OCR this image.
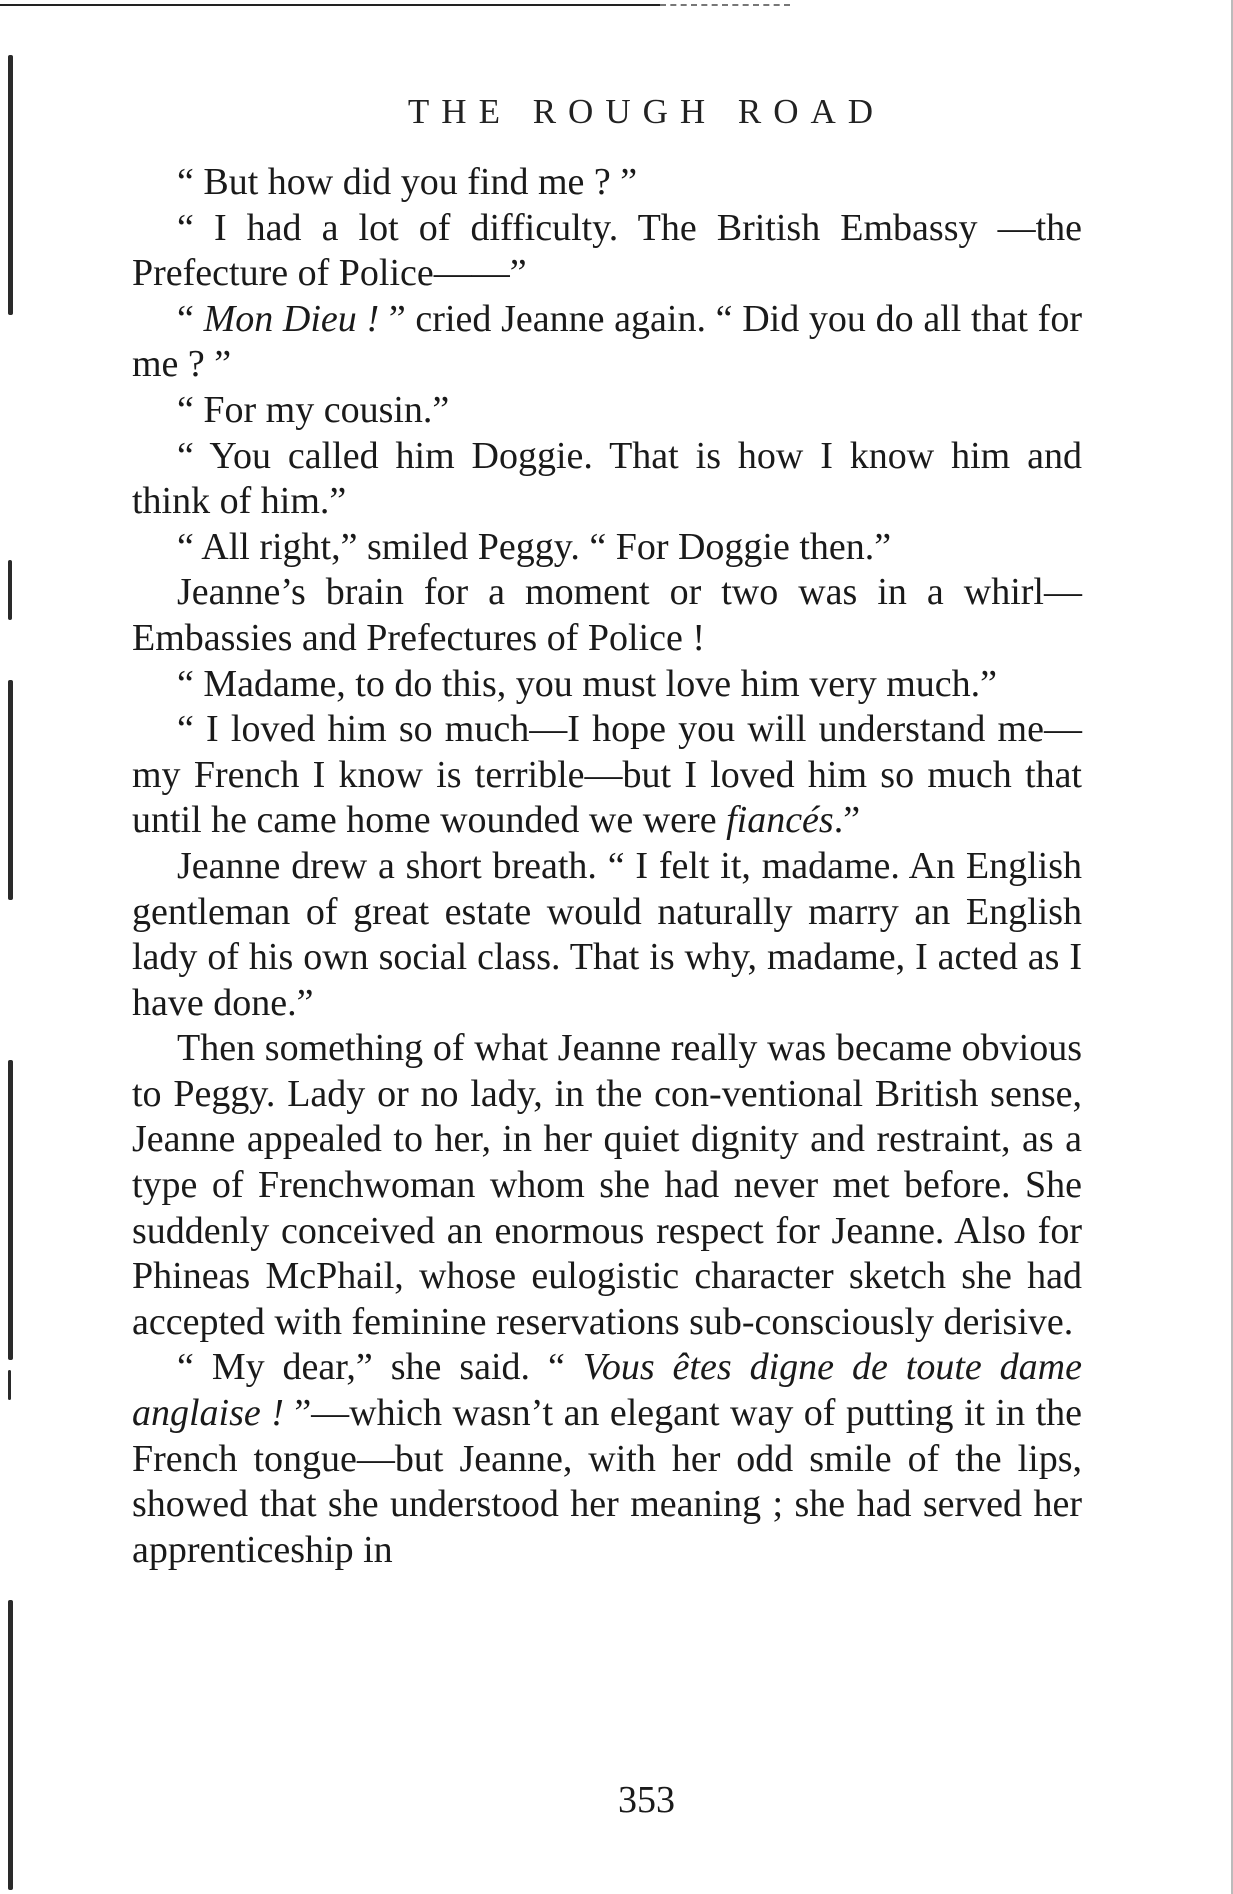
THE ROUGH ROAD

“ But how did you find me ? ”

“ I had a lot of difficulty. The British Embassy —the Prefecture of Police——”

“ Mon Dieu ! ” cried Jeanne again. “ Did you do all that for me ? ”

“ For my cousin.”

“ You called him Doggie. That is how I know him and think of him.”

“ All right,” smiled Peggy. “ For Doggie then.”

Jeanne’s brain for a moment or two was in a whirl— Embassies and Prefectures of Police !

“ Madame, to do this, you must love him very much.”

“ I loved him so much—I hope you will understand me—my French I know is terrible—but I loved him so much that until he came home wounded we were fiancés.”

Jeanne drew a short breath. “ I felt it, madame. An English gentleman of great estate would naturally marry an English lady of his own social class. That is why, madame, I acted as I have done.”

Then something of what Jeanne really was became obvious to Peggy. Lady or no lady, in the con-ventional British sense, Jeanne appealed to her, in her quiet dignity and restraint, as a type of Frenchwoman whom she had never met before. She suddenly conceived an enormous respect for Jeanne. Also for Phineas McPhail, whose eulogistic character sketch she had accepted with feminine reservations sub-consciously derisive.

“ My dear,” she said. “ Vous êtes digne de toute dame anglaise ! ”—which wasn’t an elegant way of putting it in the French tongue—but Jeanne, with her odd smile of the lips, showed that she understood her meaning ; she had served her apprenticeship in

353
